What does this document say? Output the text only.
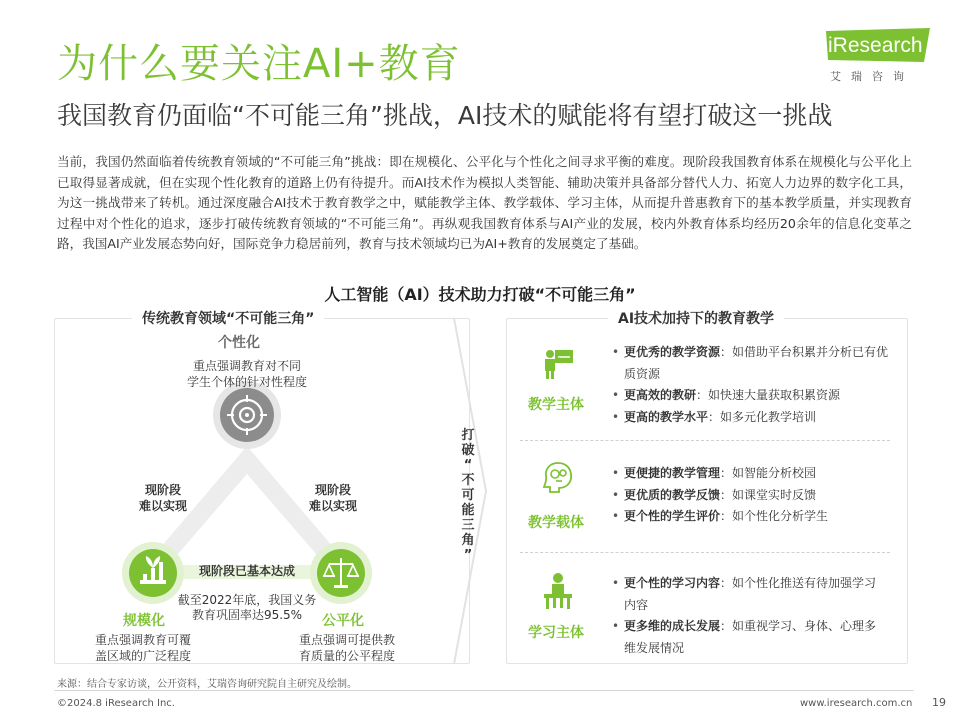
为什么要关注AI+教育
我国教育仍面临“不可能三角”挑战，AI技术的赋能将有望打破这一挑战
iResearch
艾瑞咨询
当前，我国仍然面临着传统教育领域的“不可能三角”挑战：即在规模化、公平化与个性化之间寻求平衡的难度。现阶段我国教育体系在规模化与公平化上已取得显著成就，但在实现个性化教育的道路上仍有待提升。而AI技术作为模拟人类智能、辅助决策并具备部分替代人力、拓宽人力边界的数字化工具，为这一挑战带来了转机。通过深度融合AI技术于教育教学之中，赋能教学主体、教学载体、学习主体，从而提升普惠教育下的基本教学质量，并实现教育过程中对个性化的追求，逐步打破传统教育领域的“不可能三角”。再纵观我国教育体系与AI产业的发展，校内外教育体系均经历20余年的信息化变革之路，我国AI产业发展态势向好，国际竞争力稳居前列，教育与技术领域均已为AI+教育的发展奠定了基础。
人工智能（AI）技术助力打破“不可能三角”
传统教育领域“不可能三角”
个性化
重点强调教育对不同
学生个体的针对性程度
现阶段
难以实现
现阶段
难以实现
现阶段已基本达成
截至2022年底，我国义务
教育巩固率达95.5%
规模化
重点强调教育可覆
盖区域的广泛程度
公平化
重点强调可提供教
育质量的公平程度
打
破
“
不
可
能
三
角
”
AI技术加持下的教育教学
教学主体
• 更优秀的教学资源：如借助平台积累并分析已有优质资源
• 更高效的教研：如快速大量获取积累资源
• 更高的教学水平：如多元化教学培训
教学载体
• 更便捷的教学管理：如智能分析校园
• 更优质的教学反馈：如课堂实时反馈
• 更个性的学生评价：如个性化分析学生
学习主体
• 更个性的学习内容：如个性化推送有待加强学习内容
• 更多维的成长发展：如重视学习、身体、心理多维发展情况
来源：结合专家访谈，公开资料，艾瑞咨询研究院自主研究及绘制。
©2024.8 iResearch Inc.	www.iresearch.com.cn 19
